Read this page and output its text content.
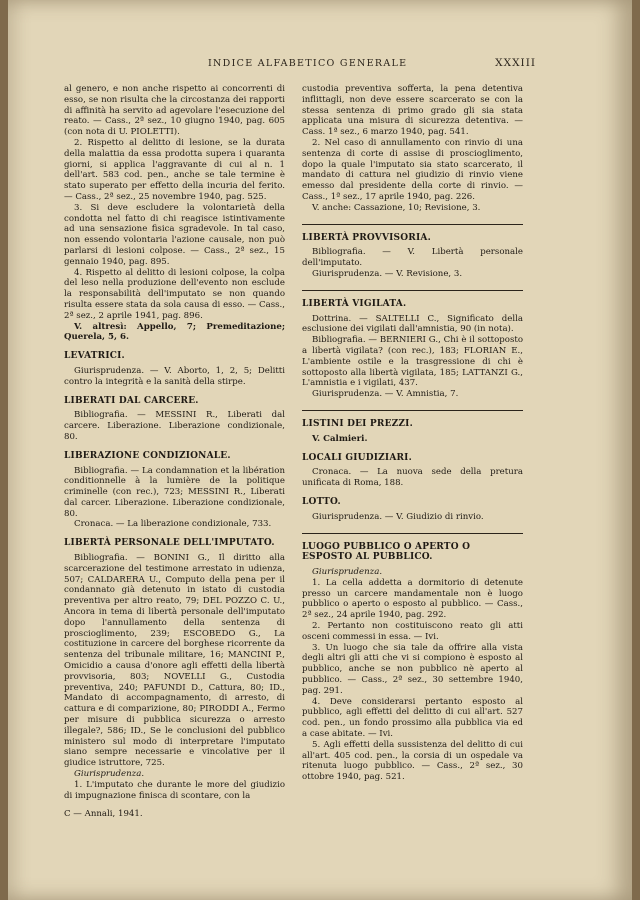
INDICE ALFABETICO GENERALE	XXXIII

al genero, e non anche rispetto ai concorrenti di esso, se non risulta che la circostanza dei rapporti di affinità ha servito ad agevolare l'esecuzione del reato. — Cass., 2ª sez., 10 giugno 1940, pag. 605 (con nota di U. PIOLETTI).

2. Rispetto al delitto di lesione, se la durata della malattia da essa prodotta supera i quaranta giorni, si applica l'aggravante di cui al n. 1 dell'art. 583 cod. pen., anche se tale termine è stato superato per effetto della incuria del ferito. — Cass., 2ª sez., 25 novembre 1940, pag. 525.

3. Si deve escludere la volontarietà della condotta nel fatto di chi reagisce istintivamente ad una sensazione fisica sgradevole. In tal caso, non essendo volontaria l'azione causale, non può parlarsi di lesioni colpose. — Cass., 2ª sez., 15 gennaio 1940, pag. 895.

4. Rispetto al delitto di lesioni colpose, la colpa del leso nella produzione dell'evento non esclude la responsabilità dell'imputato se non quando risulta essere stata da sola causa di esso. — Cass., 2ª sez., 2 aprile 1941, pag. 896.

V. altresì: Appello, 7; Premeditazione; Querela, 5, 6.

LEVATRICI.

Giurisprudenza. — V. Aborto, 1, 2, 5; Delitti contro la integrità e la sanità della stirpe.

LIBERATI DAL CARCERE.

Bibliografia. — MESSINI R., Liberati dal carcere. Liberazione. Liberazione condizionale, 80.

LIBERAZIONE CONDIZIONALE.

Bibliografia. — La condamnation et la libération conditionnelle à la lumière de la politique criminelle (con rec.), 723; MESSINI R., Liberati dal carcer. Liberazione. Liberazione condizionale, 80.

Cronaca. — La liberazione condizionale, 733.

LIBERTÀ PERSONALE DELL'IMPUTATO.

Bibliografia. — BONINI G., Il diritto alla scarcerazione del testimone arrestato in udienza, 507; CALDARERA U., Computo della pena per il condannato già detenuto in istato di custodia preventiva per altro reato, 79; DEL POZZO C. U., Ancora in tema di libertà personale dell'imputato dopo l'annullamento della sentenza di proscioglimento, 239; ESCOBEDO G., La costituzione in carcere del borghese ricorrente da sentenza del tribunale militare, 16; MANCINI P., Omicidio a causa d'onore agli effetti della libertà provvisoria, 803; NOVELLI G., Custodia preventiva, 240; PAFUNDI D., Cattura, 80; ID., Mandato di accompagnamento, di arresto, di cattura e di comparizione, 80; PIRODDI A., Fermo per misure di pubblica sicurezza o arresto illegale?, 586; ID., Se le conclusioni del pubblico ministero sul modo di interpretare l'imputato siano sempre necessarie e vincolative per il giudice istruttore, 725.

Giurisprudenza.

1. L'imputato che durante le more del giudizio di impugnazione finisca di scontare, con la

C — Annali, 1941.

custodia preventiva sofferta, la pena detentiva inflittagli, non deve essere scarcerato se con la stessa sentenza di primo grado gli sia stata applicata una misura di sicurezza detentiva. — Cass. 1ª sez., 6 marzo 1940, pag. 541.

2. Nel caso di annullamento con rinvio di una sentenza di corte di assise di proscioglimento, dopo la quale l'imputato sia stato scarcerato, il mandato di cattura nel giudizio di rinvio viene emesso dal presidente della corte di rinvio. — Cass., 1ª sez., 17 aprile 1940, pag. 226.

V. anche: Cassazione, 10; Revisione, 3.

LIBERTÀ PROVVISORIA.

Bibliografia. — V. Libertà personale dell'imputato.

Giurisprudenza. — V. Revisione, 3.

LIBERTÀ VIGILATA.

Dottrina. — SALTELLI C., Significato della esclusione dei vigilati dall'amnistia, 90 (in nota).

Bibliografia. — BERNIERI G., Chi è il sottoposto a libertà vigilata? (con rec.), 183; FLORIAN E., L'ambiente ostile e la trasgressione di chi è sottoposto alla libertà vigilata, 185; LATTANZI G., L'amnistia e i vigilati, 437.

Giurisprudenza. — V. Amnistia, 7.

LISTINI DEI PREZZI.

V. Calmieri.

LOCALI GIUDIZIARI.

Cronaca. — La nuova sede della pretura unificata di Roma, 188.

LOTTO.

Giurisprudenza. — V. Giudizio di rinvio.

LUOGO PUBBLICO O APERTO O ESPOSTO AL PUBBLICO.

Giurisprudenza.

1. La cella addetta a dormitorio di detenute presso un carcere mandamentale non è luogo pubblico o aperto o esposto al pubblico. — Cass., 2ª sez., 24 aprile 1940, pag. 292.

2. Pertanto non costituiscono reato gli atti osceni commessi in essa. — Ivi.

3. Un luogo che sia tale da offrire alla vista degli altri gli atti che vi si compiono è esposto al pubblico, anche se non pubblico nè aperto al pubblico. — Cass., 2ª sez., 30 settembre 1940, pag. 291.

4. Deve considerarsi pertanto esposto al pubblico, agli effetti del delitto di cui all'art. 527 cod. pen., un fondo prossimo alla pubblica via ed a case abitate. — Ivi.

5. Agli effetti della sussistenza del delitto di cui all'art. 405 cod. pen., la corsia di un ospedale va ritenuta luogo pubblico. — Cass., 2ª sez., 30 ottobre 1940, pag. 521.
